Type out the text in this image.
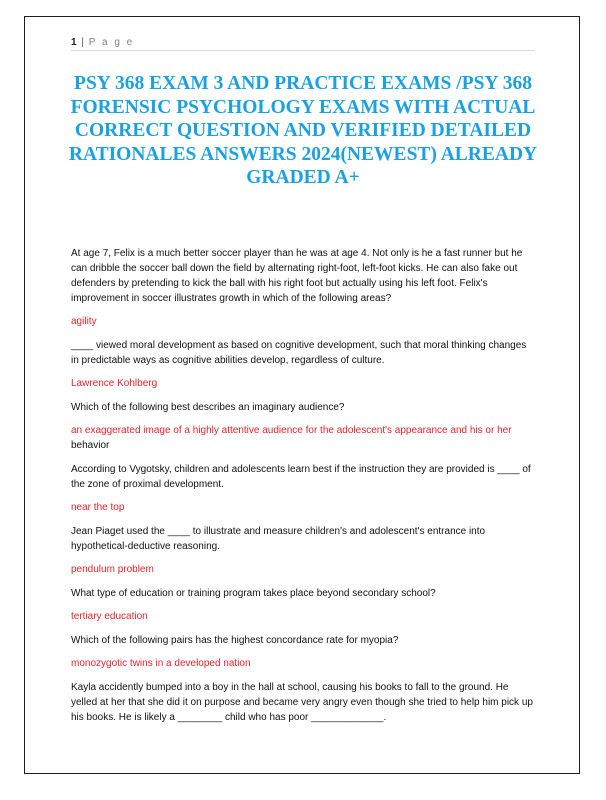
1 | P a g e
PSY 368 EXAM 3 AND PRACTICE EXAMS /PSY 368 FORENSIC PSYCHOLOGY EXAMS WITH ACTUAL CORRECT QUESTION AND VERIFIED DETAILED RATIONALES ANSWERS 2024(NEWEST) ALREADY GRADED A+

At age 7, Felix is a much better soccer player than he was at age 4. Not only is he a fast runner but he can dribble the soccer ball down the field by alternating right-foot, left-foot kicks. He can also fake out defenders by pretending to kick the ball with his right foot but actually using his left foot. Felix's improvement in soccer illustrates growth in which of the following areas?

agility

____ viewed moral development as based on cognitive development, such that moral thinking changes in predictable ways as cognitive abilities develop, regardless of culture.

Lawrence Kohlberg

Which of the following best describes an imaginary audience?

an exaggerated image of a highly attentive audience for the adolescent's appearance and his or her

behavior

According to Vygotsky, children and adolescents learn best if the instruction they are provided is ____ of the zone of proximal development.

near the top

Jean Piaget used the ____ to illustrate and measure children's and adolescent's entrance into hypothetical-deductive reasoning.

pendulum problem

What type of education or training program takes place beyond secondary school?

tertiary education

Which of the following pairs has the highest concordance rate for myopia?

monozygotic twins in a developed nation

Kayla accidently bumped into a boy in the hall at school, causing his books to fall to the ground. He yelled at her that she did it on purpose and became very angry even though she tried to help him pick up his books. He is likely a ________ child who has poor _____________.
